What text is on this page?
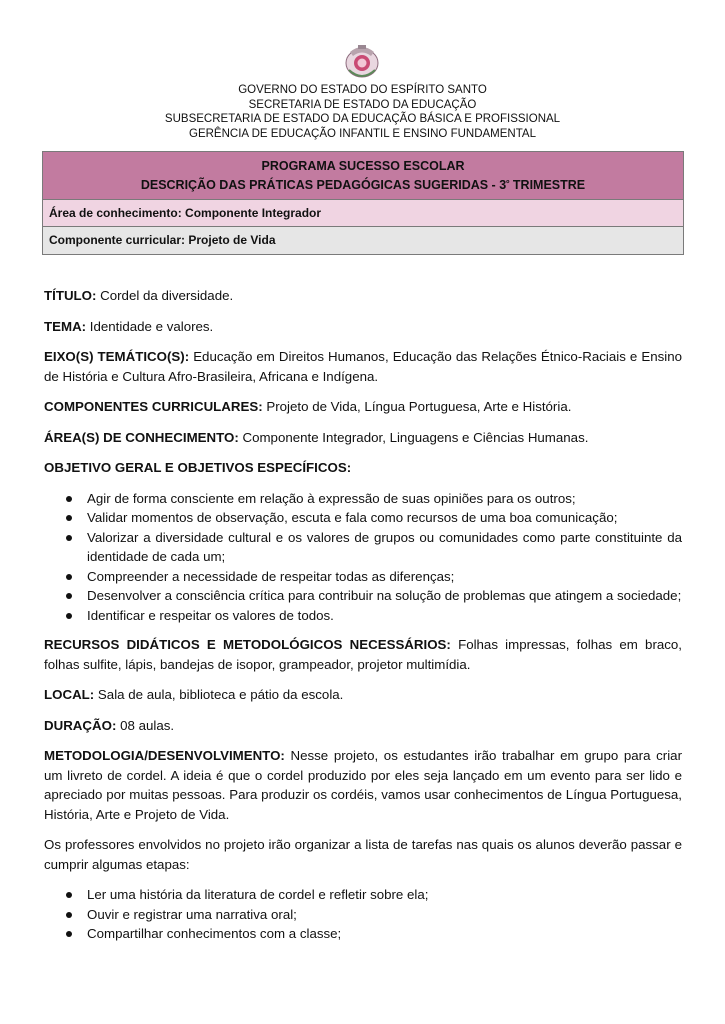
GOVERNO DO ESTADO DO ESPÍRITO SANTO
SECRETARIA DE ESTADO DA EDUCAÇÃO
SUBSECRETARIA DE ESTADO DA EDUCAÇÃO BÁSICA E PROFISSIONAL
GERÊNCIA DE EDUCAÇÃO INFANTIL E ENSINO FUNDAMENTAL
PROGRAMA SUCESSO ESCOLAR
DESCRIÇÃO DAS PRÁTICAS PEDAGÓGICAS SUGERIDAS - $3^º$ TRIMESTRE
Área de conhecimento: Componente Integrador
Componente curricular: Projeto de Vida

TÍTULO: Cordel da diversidade.

TEMA: Identidade e valores.

EIXO(S) TEMÁTICO(S): Educação em Direitos Humanos, Educação das Relações Étnico-Raciais e Ensino de História e Cultura Afro-Brasileira, Africana e Indígena.

COMPONENTES CURRICULARES: Projeto de Vida, Língua Portuguesa, Arte e História.

ÁREA(S) DE CONHECIMENTO: Componente Integrador, Linguagens e Ciências Humanas.

OBJETIVO GERAL E OBJETIVOS ESPECÍFICOS:

Agir de forma consciente em relação à expressão de suas opiniões para os outros;
Validar momentos de observação, escuta e fala como recursos de uma boa comunicação;
Valorizar a diversidade cultural e os valores de grupos ou comunidades como parte constituinte da identidade de cada um;
Compreender a necessidade de respeitar todas as diferenças;
Desenvolver a consciência crítica para contribuir na solução de problemas que atingem a sociedade;
Identificar e respeitar os valores de todos.

RECURSOS DIDÁTICOS E METODOLÓGICOS NECESSÁRIOS: Folhas impressas, folhas em braco, folhas sulfite, lápis, bandejas de isopor, grampeador, projetor multimídia.

LOCAL: Sala de aula, biblioteca e pátio da escola.

DURAÇÃO: 08 aulas.

METODOLOGIA/DESENVOLVIMENTO: Nesse projeto, os estudantes irão trabalhar em grupo para criar um livreto de cordel. A ideia é que o cordel produzido por eles seja lançado em um evento para ser lido e apreciado por muitas pessoas. Para produzir os cordéis, vamos usar conhecimentos de Língua Portuguesa, História, Arte e Projeto de Vida.

Os professores envolvidos no projeto irão organizar a lista de tarefas nas quais os alunos deverão passar e cumprir algumas etapas:

Ler uma história da literatura de cordel e refletir sobre ela;
Ouvir e registrar uma narrativa oral;
Compartilhar conhecimentos com a classe;
